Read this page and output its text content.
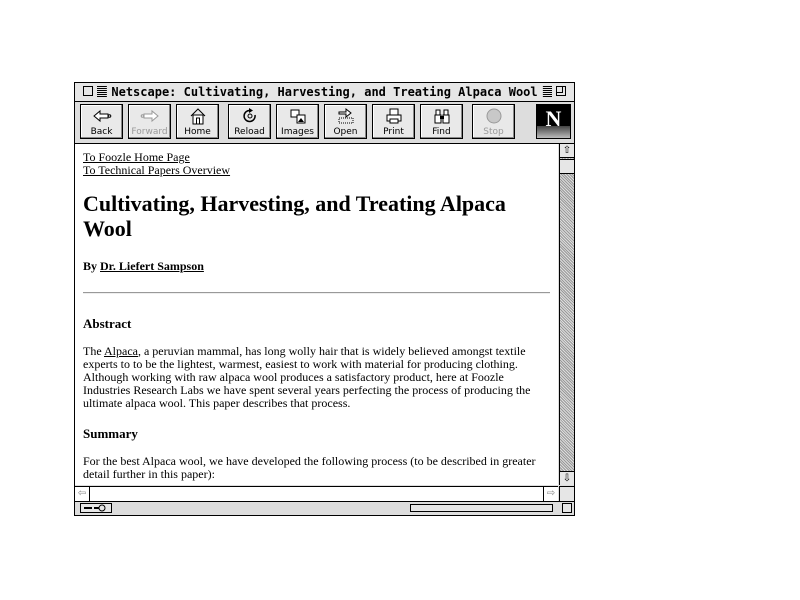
Netscape: Cultivating, Harvesting, and Treating Alpaca Wool
Back	Forward	Home	Reload	Images	Open	Print	Find	Stop
N
To Foozle Home Page
To Technical Papers Overview
Cultivating, Harvesting, and Treating Alpaca Wool
By Dr. Liefert Sampson
Abstract

The Alpaca, a peruvian mammal, has long wolly hair that is widely believed amongst textile experts to to be the lightest, warmest, easiest to work with material for producing clothing. Although working with raw alpaca wool produces a satisfactory product, here at Foozle Industries Research Labs we have spent several years perfecting the process of producing the ultimate alpaca wool. This paper describes that process.

Summary

For the best Alpaca wool, we have developed the following process (to be described in greater detail further in this paper):

⇧
⇩
⇦	⇨
